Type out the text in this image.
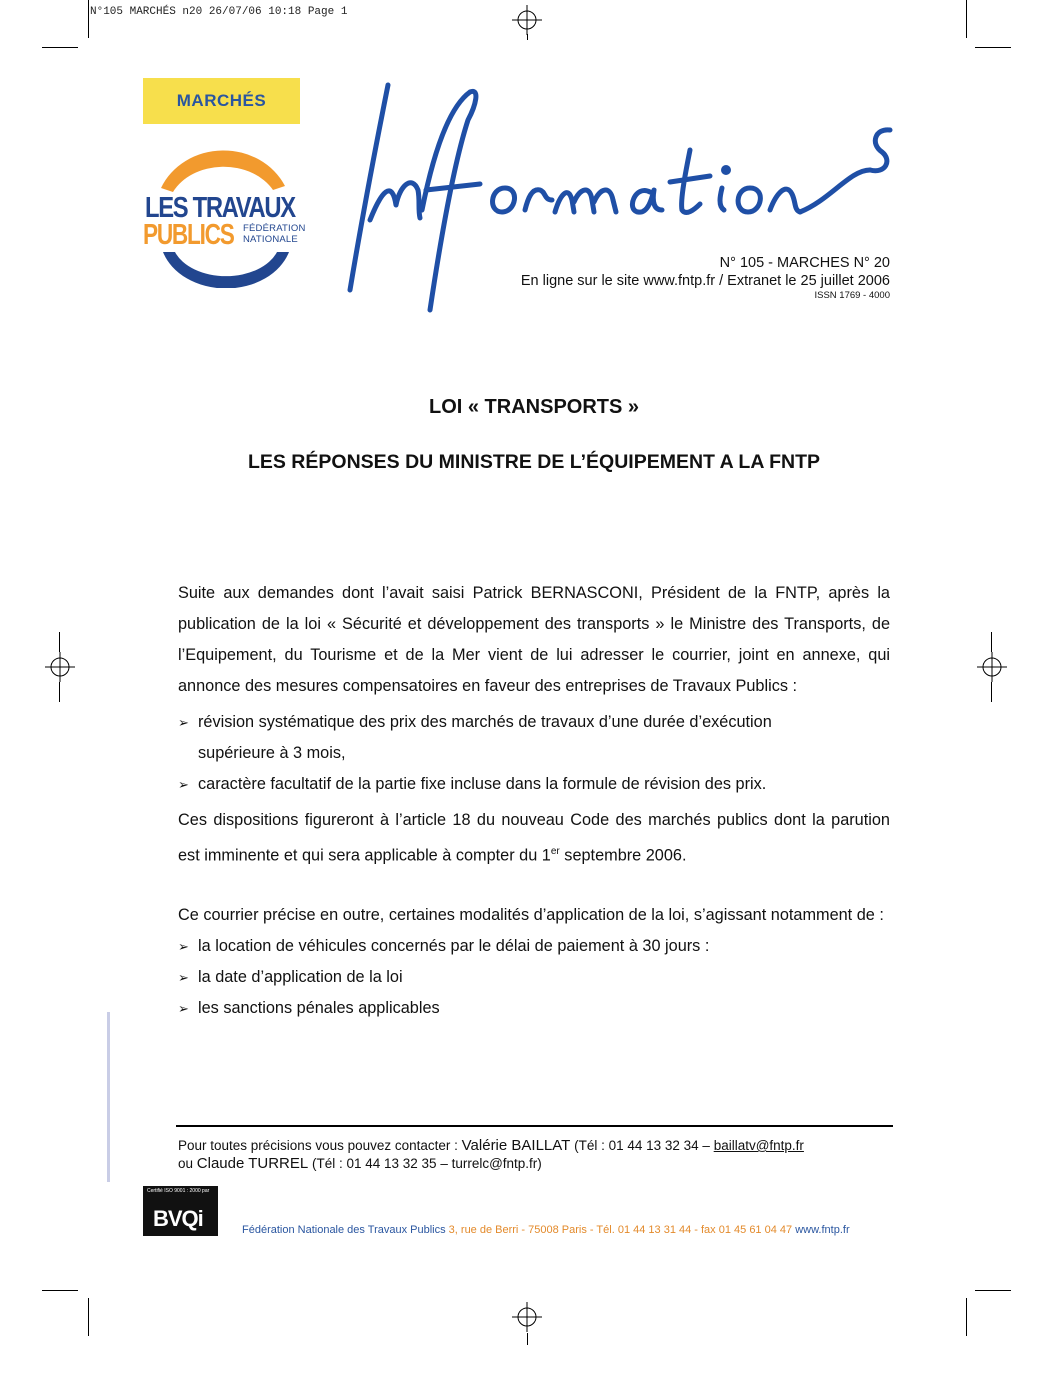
N°105 MARCHÉS n20 26/07/06 10:18 Page 1
MARCHÉS
LES TRAVAUX
PUBLICS FÉDÉRATION
NATIONALE
N° 105 - MARCHES N° 20
En ligne sur le site www.fntp.fr / Extranet le 25 juillet 2006
ISSN 1769 - 4000
LOI « TRANSPORTS »
LES RÉPONSES DU MINISTRE DE L’ÉQUIPEMENT A LA FNTP

Suite aux demandes dont l’avait saisi Patrick BERNASCONI, Président de la FNTP, après la publication de la loi « Sécurité et développement des transports » le Ministre des Transports, de l’Equipement, du Tourisme et de la Mer vient de lui adresser le courrier, joint en annexe, qui annonce des mesures compensatoires en faveur des entreprises de Travaux Publics :

➢ révision systématique des prix des marchés de travaux d’une durée d’exécution
supérieure à 3 mois,
➢ caractère facultatif de la partie fixe incluse dans la formule de révision des prix.

Ces dispositions figureront à l’article 18 du nouveau Code des marchés publics dont la parution est imminente et qui sera applicable à compter du 1er septembre 2006.

Ce courrier précise en outre, certaines modalités d’application de la loi, s’agissant notamment de :

➢ la location de véhicules concernés par le délai de paiement à 30 jours :
➢ la date d’application de la loi
➢ les sanctions pénales applicables
Pour toutes précisions vous pouvez contacter : Valérie BAILLAT (Tél : 01 44 13 32 34 – baillatv@fntp.fr
ou Claude TURREL (Tél : 01 44 13 32 35 – turrelc@fntp.fr)
Certifié ISO 9001 : 2000 par
BVQi	Fédération Nationale des Travaux Publics 3, rue de Berri - 75008 Paris - Tél. 01 44 13 31 44 - fax 01 45 61 04 47 www.fntp.fr
